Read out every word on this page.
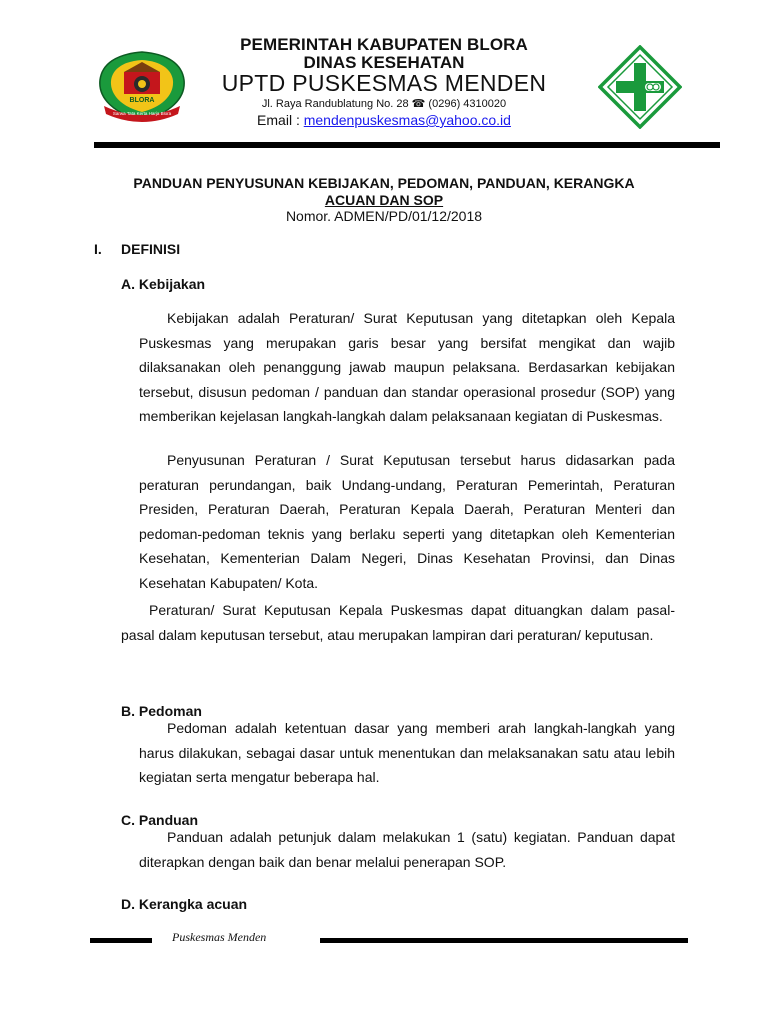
BLORA
Sarwa Tata Kerta Harja Blora
PEMERINTAH KABUPATEN BLORA
DINAS KESEHATAN
UPTD PUSKESMAS MENDEN
Jl. Raya Randublatung No. 28 ☎ (0296) 4310020
Email : mendenpuskesmas@yahoo.co.id
PANDUAN PENYUSUNAN KEBIJAKAN, PEDOMAN, PANDUAN, KERANGKA
ACUAN DAN SOP
Nomor. ADMEN/PD/01/12/2018
I. DEFINISI
A. Kebijakan
Kebijakan adalah Peraturan/ Surat Keputusan yang ditetapkan oleh Kepala Puskesmas yang merupakan garis besar yang bersifat mengikat dan wajib dilaksanakan oleh penanggung jawab maupun pelaksana. Berdasarkan kebijakan tersebut, disusun pedoman / panduan dan standar operasional prosedur (SOP) yang memberikan kejelasan langkah-langkah dalam pelaksanaan kegiatan di Puskesmas.
Penyusunan Peraturan / Surat Keputusan tersebut harus didasarkan pada peraturan perundangan, baik Undang-undang, Peraturan Pemerintah, Peraturan Presiden, Peraturan Daerah, Peraturan Kepala Daerah, Peraturan Menteri dan pedoman-pedoman teknis yang berlaku seperti yang ditetapkan oleh Kementerian Kesehatan, Kementerian Dalam Negeri, Dinas Kesehatan Provinsi, dan Dinas Kesehatan Kabupaten/ Kota.
Peraturan/ Surat Keputusan Kepala Puskesmas dapat dituangkan dalam pasal-pasal dalam keputusan tersebut, atau merupakan lampiran dari peraturan/ keputusan.
B. Pedoman
Pedoman adalah ketentuan dasar yang memberi arah langkah-langkah yang harus dilakukan, sebagai dasar untuk menentukan dan melaksanakan satu atau lebih kegiatan serta mengatur beberapa hal.
C. Panduan
Panduan adalah petunjuk dalam melakukan 1 (satu) kegiatan. Panduan dapat diterapkan dengan baik dan benar melalui penerapan SOP.
D. Kerangka acuan
Puskesmas Menden
